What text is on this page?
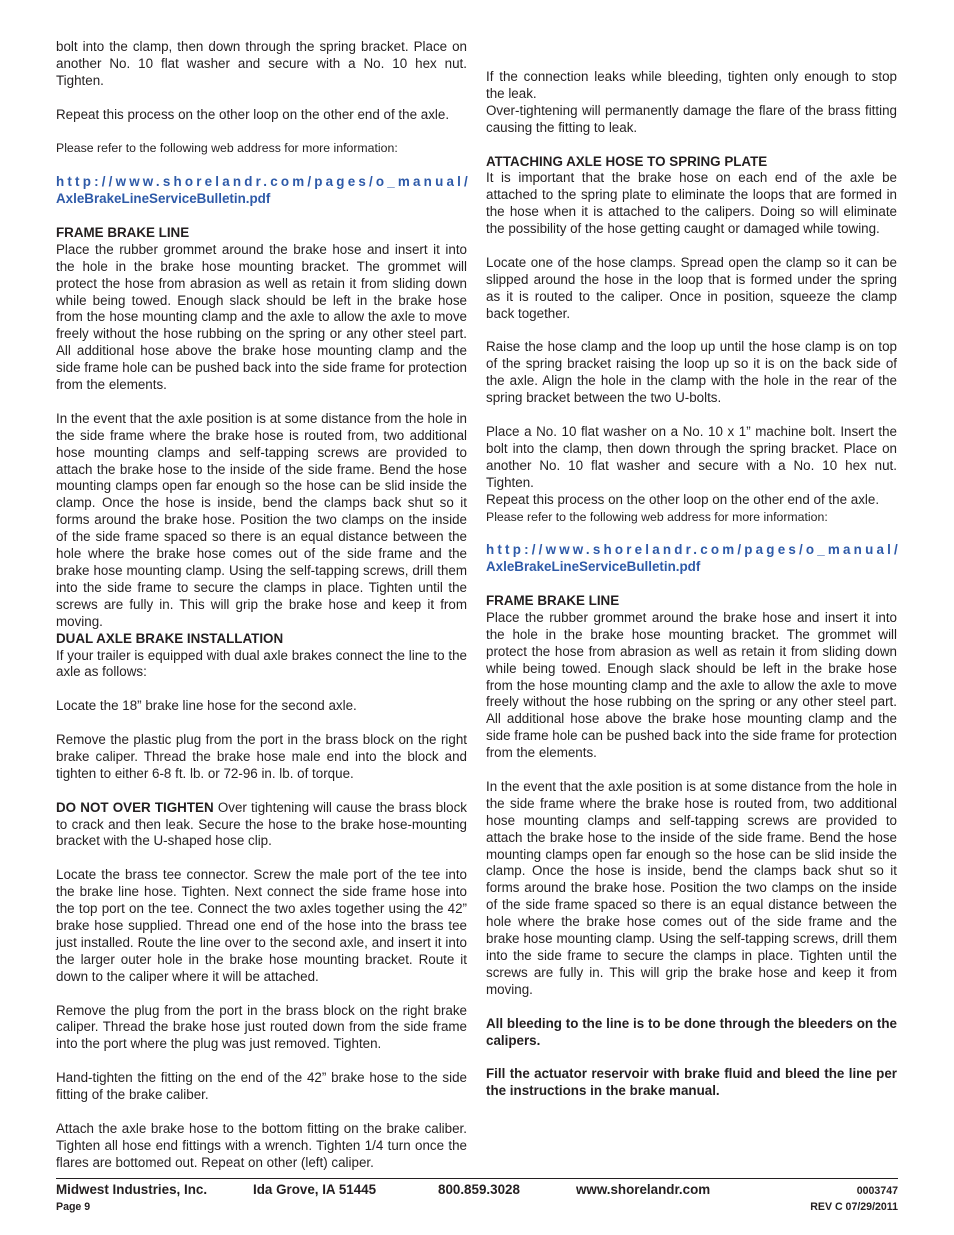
bolt into the clamp, then down through the spring bracket. Place on another No. 10 flat washer and secure with a No. 10 hex nut. Tighten.

Repeat this process on the other loop on the other end of the axle.

Please refer to the following web address for more information:

http://www.shorelandr.com/pages/o_manual/
AxleBrakeLineServiceBulletin.pdf

FRAME BRAKE LINE

Place the rubber grommet around the brake hose and insert it into the hole in the brake hose mounting bracket. The grommet will protect the hose from abrasion as well as retain it from sliding down while being towed. Enough slack should be left in the brake hose from the hose mounting clamp and the axle to allow the axle to move freely without the hose rubbing on the spring or any other steel part. All additional hose above the brake hose mounting clamp and the side frame hole can be pushed back into the side frame for protection from the elements.

In the event that the axle position is at some distance from the hole in the side frame where the brake hose is routed from, two additional hose mounting clamps and self-tapping screws are provided to attach the brake hose to the inside of the side frame. Bend the hose mounting clamps open far enough so the hose can be slid inside the clamp. Once the hose is inside, bend the clamps back shut so it forms around the brake hose. Position the two clamps on the inside of the side frame spaced so there is an equal distance between the hole where the brake hose comes out of the side frame and the brake hose mounting clamp. Using the self-tapping screws, drill them into the side frame to secure the clamps in place. Tighten until the screws are fully in. This will grip the brake hose and keep it from moving.

DUAL AXLE BRAKE INSTALLATION

If your trailer is equipped with dual axle brakes connect the line to the axle as follows:

Locate the 18” brake line hose for the second axle.

Remove the plastic plug from the port in the brass block on the right brake caliper. Thread the brake hose male end into the block and tighten to either 6-8 ft. lb. or 72-96 in. lb. of torque.

DO NOT OVER TIGHTEN Over tightening will cause the brass block to crack and then leak. Secure the hose to the brake hose-mounting bracket with the U-shaped hose clip.

Locate the brass tee connector. Screw the male port of the tee into the brake line hose. Tighten. Next connect the side frame hose into the top port on the tee. Connect the two axles together using the 42” brake hose supplied. Thread one end of the hose into the brass tee just installed. Route the line over to the second axle, and insert it into the larger outer hole in the brake hose mounting bracket. Route it down to the caliper where it will be attached.

Remove the plug from the port in the brass block on the right brake caliper. Thread the brake hose just routed down from the side frame into the port where the plug was just removed. Tighten.

Hand-tighten the fitting on the end of the 42” brake hose to the side fitting of the brake caliber.

Attach the axle brake hose to the bottom fitting on the brake caliber. Tighten all hose end fittings with a wrench. Tighten 1/4 turn once the flares are bottomed out. Repeat on other (left) caliper.

If the connection leaks while bleeding, tighten only enough to stop the leak.

Over-tightening will permanently damage the flare of the brass fitting causing the fitting to leak.

ATTACHING AXLE HOSE TO SPRING PLATE

It is important that the brake hose on each end of the axle be attached to the spring plate to eliminate the loops that are formed in the hose when it is attached to the calipers. Doing so will eliminate the possibility of the hose getting caught or damaged while towing.

Locate one of the hose clamps. Spread open the clamp so it can be slipped around the hose in the loop that is formed under the spring as it is routed to the caliper. Once in position, squeeze the clamp back together.

Raise the hose clamp and the loop up until the hose clamp is on top of the spring bracket raising the loop up so it is on the back side of the axle. Align the hole in the clamp with the hole in the rear of the spring bracket between the two U-bolts.

Place a No. 10 flat washer on a No. 10 x 1” machine bolt. Insert the bolt into the clamp, then down through the spring bracket. Place on another No. 10 flat washer and secure with a No. 10 hex nut. Tighten.

Repeat this process on the other loop on the other end of the axle.

Please refer to the following web address for more information:

http://www.shorelandr.com/pages/o_manual/
AxleBrakeLineServiceBulletin.pdf

FRAME BRAKE LINE

Place the rubber grommet around the brake hose and insert it into the hole in the brake hose mounting bracket. The grommet will protect the hose from abrasion as well as retain it from sliding down while being towed. Enough slack should be left in the brake hose from the hose mounting clamp and the axle to allow the axle to move freely without the hose rubbing on the spring or any other steel part. All additional hose above the brake hose mounting clamp and the side frame hole can be pushed back into the side frame for protection from the elements.

In the event that the axle position is at some distance from the hole in the side frame where the brake hose is routed from, two additional hose mounting clamps and self-tapping screws are provided to attach the brake hose to the inside of the side frame. Bend the hose mounting clamps open far enough so the hose can be slid inside the clamp. Once the hose is inside, bend the clamps back shut so it forms around the brake hose. Position the two clamps on the inside of the side frame spaced so there is an equal distance between the hole where the brake hose comes out of the side frame and the brake hose mounting clamp. Using the self-tapping screws, drill them into the side frame to secure the clamps in place. Tighten until the screws are fully in. This will grip the brake hose and keep it from moving.

All bleeding to the line is to be done through the bleeders on the calipers.

Fill the actuator reservoir with brake fluid and bleed the line per the instructions in the brake manual.

Midwest Industries, Inc.	Ida Grove, IA 51445	800.859.3028	www.shorelandr.com	0003747
Page 9	REV C 07/29/2011
